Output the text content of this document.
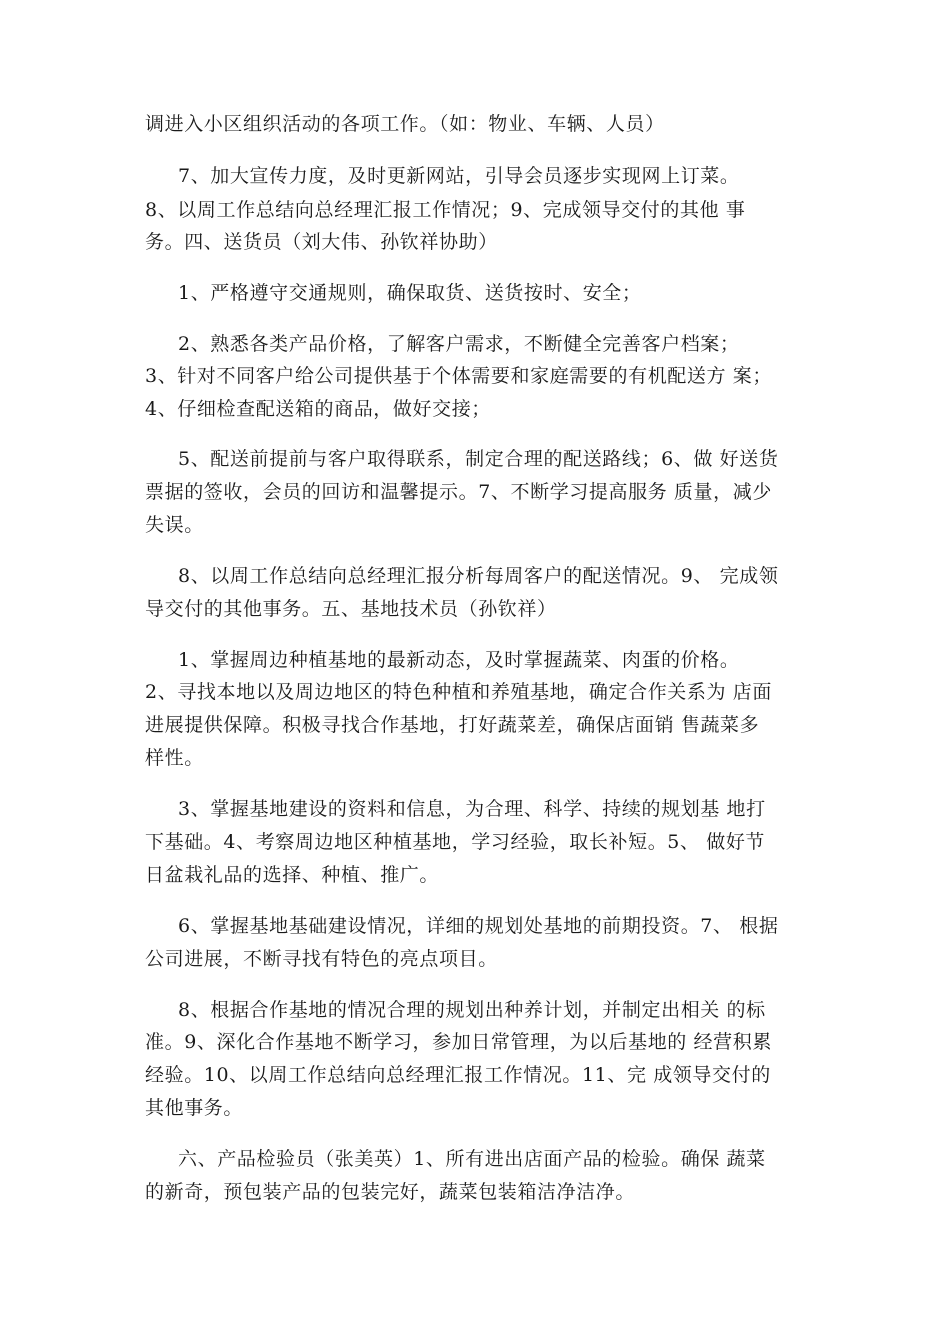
调进入小区组织活动的各项工作。（如：物业、车辆、人员）
7、加大宣传力度，及时更新网站，引导会员逐步实现网上订菜。
8、以周工作总结向总经理汇报工作情况；9、完成领导交付的其他 事
务。四、送货员（刘大伟、孙钦祥协助）
1、严格遵守交通规则，确保取货、送货按时、安全；
2、熟悉各类产品价格，了解客户需求，不断健全完善客户档案；
3、针对不同客户给公司提供基于个体需要和家庭需要的有机配送方 案；
4、仔细检查配送箱的商品，做好交接；
5、配送前提前与客户取得联系，制定合理的配送路线；6、做 好送货
票据的签收，会员的回访和温馨提示。7、不断学习提高服务 质量，减少
失误。
8、以周工作总结向总经理汇报分析每周客户的配送情况。9、 完成领
导交付的其他事务。五、基地技术员（孙钦祥）
1、掌握周边种植基地的最新动态，及时掌握蔬菜、肉蛋的价格。
2、寻找本地以及周边地区的特色种植和养殖基地，确定合作关系为 店面
进展提供保障。积极寻找合作基地，打好蔬菜差，确保店面销 售蔬菜多
样性。
3、掌握基地建设的资料和信息，为合理、科学、持续的规划基 地打
下基础。4、考察周边地区种植基地，学习经验，取长补短。5、 做好节
日盆栽礼品的选择、种植、推广。
6、掌握基地基础建设情况，详细的规划处基地的前期投资。7、 根据
公司进展，不断寻找有特色的亮点项目。
8、根据合作基地的情况合理的规划出种养计划，并制定出相关 的标
准。9、深化合作基地不断学习，参加日常管理，为以后基地的 经营积累
经验。10、以周工作总结向总经理汇报工作情况。11、完 成领导交付的
其他事务。
六、产品检验员（张美英）1、所有进出店面产品的检验。确保 蔬菜
的新奇，预包装产品的包装完好，蔬菜包装箱洁净洁净。
